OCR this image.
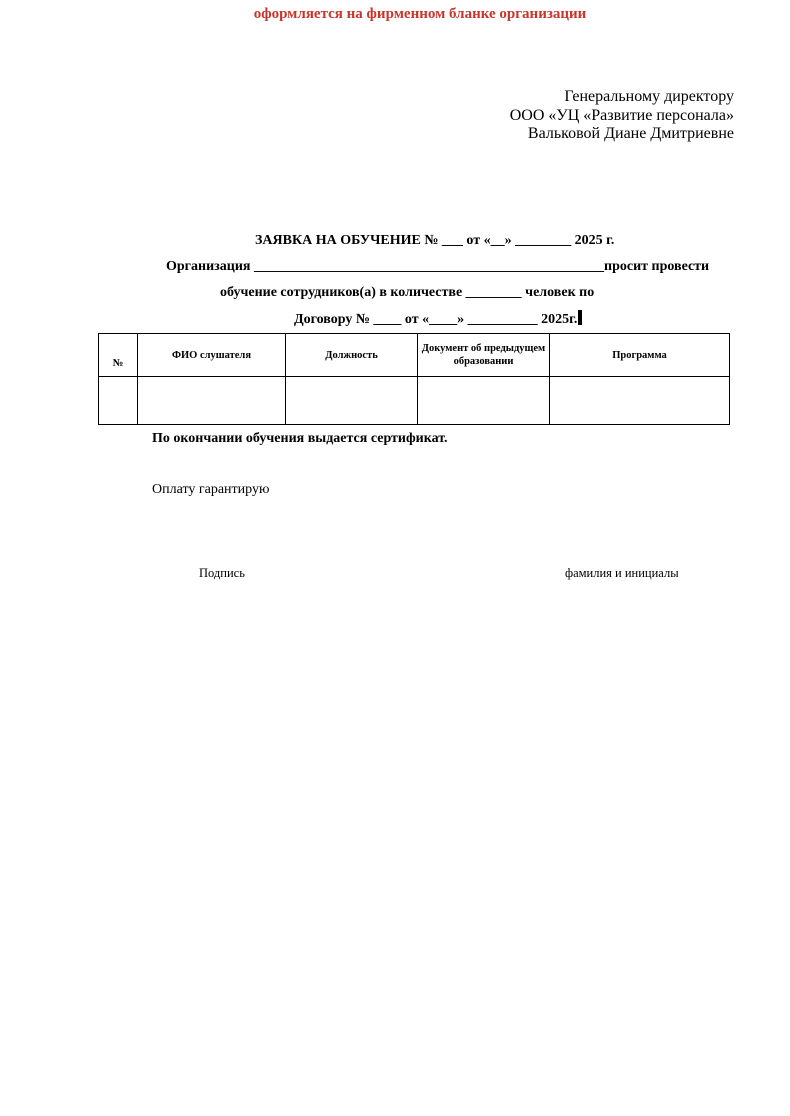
оформляется на фирменном бланке организации
Генеральному директору
ООО «УЦ «Развитие персонала»
Вальковой Диане Дмитриевне
ЗАЯВКА НА ОБУЧЕНИЕ № ___ от «__» ________ 2025 г.
Организация __________________________________________________просит провести
обучение сотрудников(а) в количестве ________ человек по
Договору № ____ от «____» __________ 2025г.
№	ФИО слушателя	Должность	Документ об предыдущем образовании	Программа

По окончании обучения выдается сертификат.
Оплату гарантирую
Подпись	фамилия и инициалы
